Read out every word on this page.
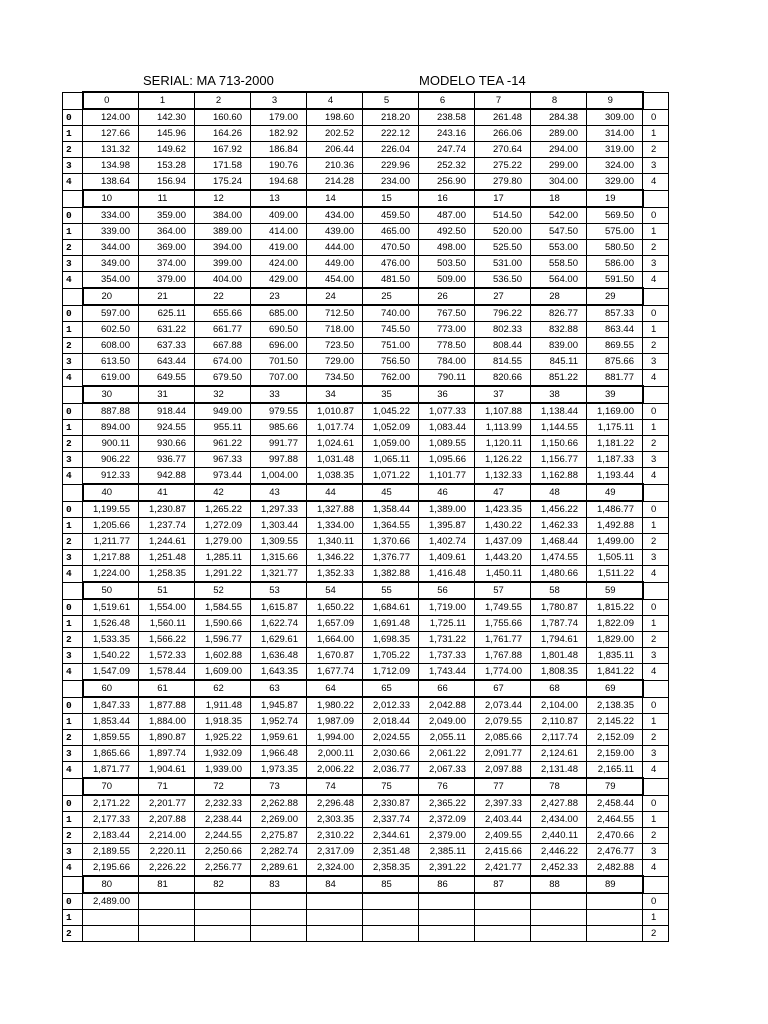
SERIAL: MA 713-2000	MODELO TEA -14
	0	1	2	3	4	5	6	7	8	9	
0	124.00	142.30	160.60	179.00	198.60	218.20	238.58	261.48	284.38	309.00	0
1	127.66	145.96	164.26	182.92	202.52	222.12	243.16	266.06	289.00	314.00	1
2	131.32	149.62	167.92	186.84	206.44	226.04	247.74	270.64	294.00	319.00	2
3	134.98	153.28	171.58	190.76	210.36	229.96	252.32	275.22	299.00	324.00	3
4	138.64	156.94	175.24	194.68	214.28	234.00	256.90	279.80	304.00	329.00	4
	10	11	12	13	14	15	16	17	18	19	
0	334.00	359.00	384.00	409.00	434.00	459.50	487.00	514.50	542.00	569.50	0
1	339.00	364.00	389.00	414.00	439.00	465.00	492.50	520.00	547.50	575.00	1
2	344.00	369.00	394.00	419.00	444.00	470.50	498.00	525.50	553.00	580.50	2
3	349.00	374.00	399.00	424.00	449.00	476.00	503.50	531.00	558.50	586.00	3
4	354.00	379.00	404.00	429.00	454.00	481.50	509.00	536.50	564.00	591.50	4
	20	21	22	23	24	25	26	27	28	29	
0	597.00	625.11	655.66	685.00	712.50	740.00	767.50	796.22	826.77	857.33	0
1	602.50	631.22	661.77	690.50	718.00	745.50	773.00	802.33	832.88	863.44	1
2	608.00	637.33	667.88	696.00	723.50	751.00	778.50	808.44	839.00	869.55	2
3	613.50	643.44	674.00	701.50	729.00	756.50	784.00	814.55	845.11	875.66	3
4	619.00	649.55	679.50	707.00	734.50	762.00	790.11	820.66	851.22	881.77	4
	30	31	32	33	34	35	36	37	38	39	
0	887.88	918.44	949.00	979.55	1,010.87	1,045.22	1,077.33	1,107.88	1,138.44	1,169.00	0
1	894.00	924.55	955.11	985.66	1,017.74	1,052.09	1,083.44	1,113.99	1,144.55	1,175.11	1
2	900.11	930.66	961.22	991.77	1,024.61	1,059.00	1,089.55	1,120.11	1,150.66	1,181.22	2
3	906.22	936.77	967.33	997.88	1,031.48	1,065.11	1,095.66	1,126.22	1,156.77	1,187.33	3
4	912.33	942.88	973.44	1,004.00	1,038.35	1,071.22	1,101.77	1,132.33	1,162.88	1,193.44	4
	40	41	42	43	44	45	46	47	48	49	
0	1,199.55	1,230.87	1,265.22	1,297.33	1,327.88	1,358.44	1,389.00	1,423.35	1,456.22	1,486.77	0
1	1,205.66	1,237.74	1,272.09	1,303.44	1,334.00	1,364.55	1,395.87	1,430.22	1,462.33	1,492.88	1
2	1,211.77	1,244.61	1,279.00	1,309.55	1,340.11	1,370.66	1,402.74	1,437.09	1,468.44	1,499.00	2
3	1,217.88	1,251.48	1,285.11	1,315.66	1,346.22	1,376.77	1,409.61	1,443.20	1,474.55	1,505.11	3
4	1,224.00	1,258.35	1,291.22	1,321.77	1,352.33	1,382.88	1,416.48	1,450.11	1,480.66	1,511.22	4
	50	51	52	53	54	55	56	57	58	59	
0	1,519.61	1,554.00	1,584.55	1,615.87	1,650.22	1,684.61	1,719.00	1,749.55	1,780.87	1,815.22	0
1	1,526.48	1,560.11	1,590.66	1,622.74	1,657.09	1,691.48	1,725.11	1,755.66	1,787.74	1,822.09	1
2	1,533.35	1,566.22	1,596.77	1,629.61	1,664.00	1,698.35	1,731.22	1,761.77	1,794.61	1,829.00	2
3	1,540.22	1,572.33	1,602.88	1,636.48	1,670.87	1,705.22	1,737.33	1,767.88	1,801.48	1,835.11	3
4	1,547.09	1,578.44	1,609.00	1,643.35	1,677.74	1,712.09	1,743.44	1,774.00	1,808.35	1,841.22	4
	60	61	62	63	64	65	66	67	68	69	
0	1,847.33	1,877.88	1,911.48	1,945.87	1,980.22	2,012.33	2,042.88	2,073.44	2,104.00	2,138.35	0
1	1,853.44	1,884.00	1,918.35	1,952.74	1,987.09	2,018.44	2,049.00	2,079.55	2,110.87	2,145.22	1
2	1,859.55	1,890.87	1,925.22	1,959.61	1,994.00	2,024.55	2,055.11	2,085.66	2,117.74	2,152.09	2
3	1,865.66	1,897.74	1,932.09	1,966.48	2,000.11	2,030.66	2,061.22	2,091.77	2,124.61	2,159.00	3
4	1,871.77	1,904.61	1,939.00	1,973.35	2,006.22	2,036.77	2,067.33	2,097.88	2,131.48	2,165.11	4
	70	71	72	73	74	75	76	77	78	79	
0	2,171.22	2,201.77	2,232.33	2,262.88	2,296.48	2,330.87	2,365.22	2,397.33	2,427.88	2,458.44	0
1	2,177.33	2,207.88	2,238.44	2,269.00	2,303.35	2,337.74	2,372.09	2,403.44	2,434.00	2,464.55	1
2	2,183.44	2,214.00	2,244.55	2,275.87	2,310.22	2,344.61	2,379.00	2,409.55	2,440.11	2,470.66	2
3	2,189.55	2,220.11	2,250.66	2,282.74	2,317.09	2,351.48	2,385.11	2,415.66	2,446.22	2,476.77	3
4	2,195.66	2,226.22	2,256.77	2,289.61	2,324.00	2,358.35	2,391.22	2,421.77	2,452.33	2,482.88	4
	80	81	82	83	84	85	86	87	88	89	
0	2,489.00										0
1											1
2											2
